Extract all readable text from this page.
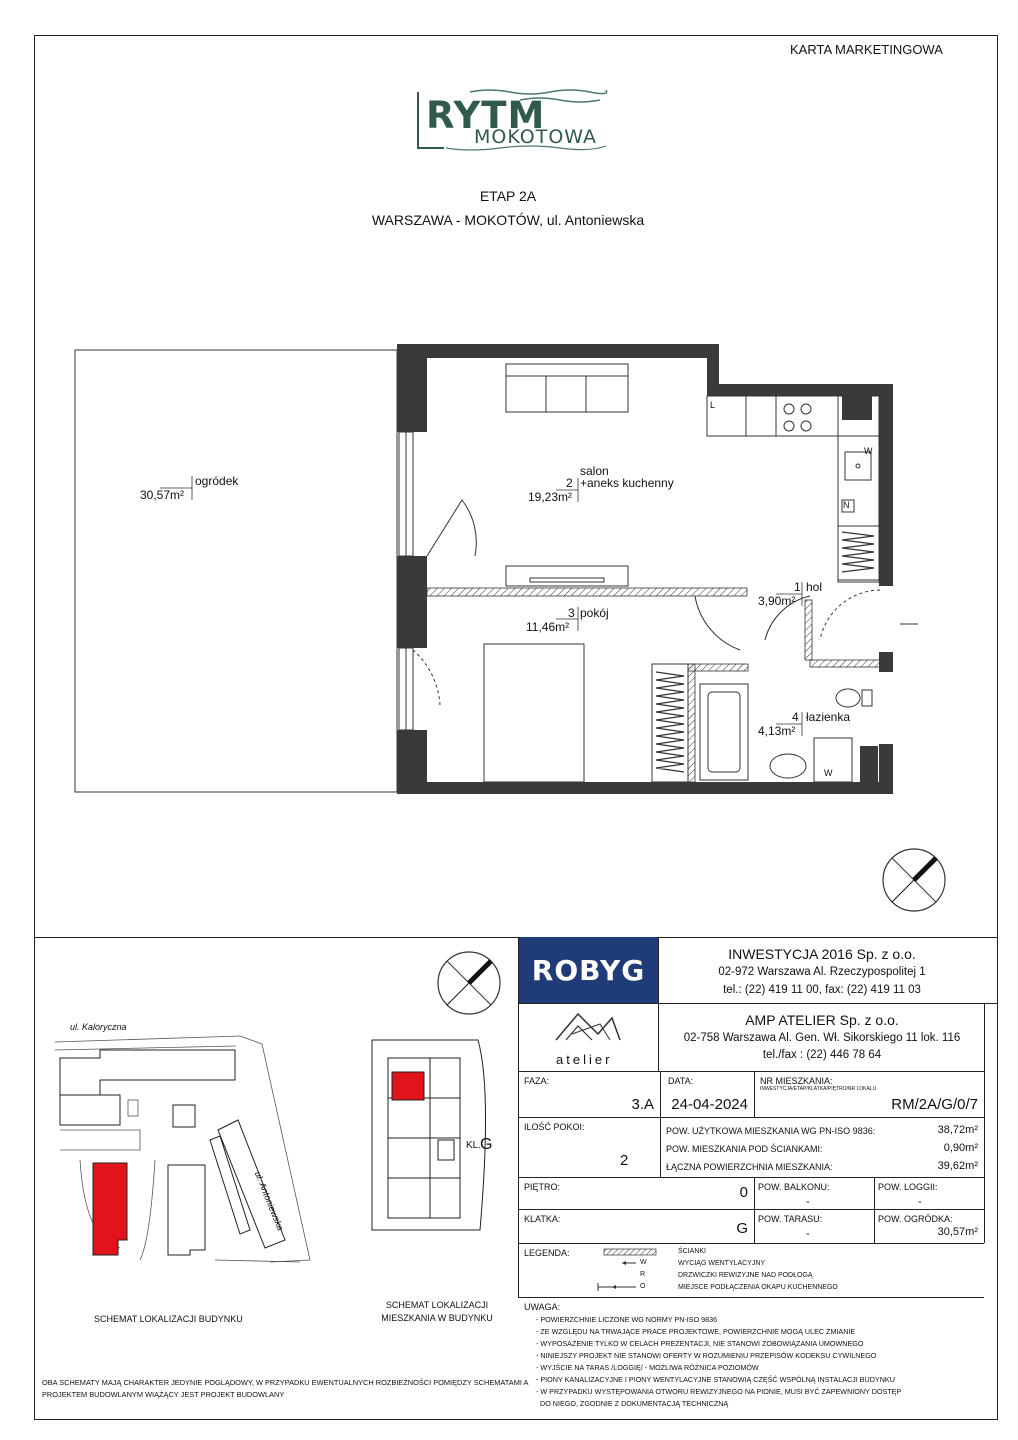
KARTA MARKETINGOWA
RYTM
MOKOTOWA
ETAP 2A
WARSZAWA - MOKOTÓW, ul. Antoniewska
ogródek
30,57m²
salon
2 +aneks kuchenny
19,23m²
1 hol
3,90m²
3 pokój
11,46m²
4 łazienka
4,13m²
L
W
N
W
ul. Kaloryczna
ul. Antoniewska
KL.
G
SCHEMAT LOKALIZACJI BUDYNKU
SCHEMAT LOKALIZACJI
MIESZKANIA W BUDYNKU
OBA SCHEMATY MAJĄ CHARAKTER JEDYNIE POGLĄDOWY, W PRZYPADKU EWENTUALNYCH ROZBIEŻNOŚCI POMIĘDZY SCHEMATAMI A
PROJEKTEM BUDOWLANYM WIĄŻĄCY JEST PROJEKT BUDOWLANY
ROBYG	INWESTYCJA 2016 Sp. z o.o.
02-972 Warszawa Al. Rzeczypospolitej 1
tel.: (22) 419 11 00, fax: (22) 419 11 03
atelier
AMP ATELIER Sp. z o.o.
02-758 Warszawa Al. Gen. Wł. Sikorskiego 11 lok. 116
tel./fax : (22) 446 78 64
FAZA:
3.A
DATA:
24-04-2024
NR MIESZKANIA:
INWESTYCJA/ETAP/KLATKA/PIĘTRO/NR LOKALU
RM/2A/G/0/7
ILOŚĆ POKOI:
2
POW. UŻYTKOWA MIESZKANIA WG PN-ISO 9836:	38,72m²
POW. MIESZKANIA POD ŚCIANKAMI:	0,90m²
ŁĄCZNA POWIERZCHNIA MIESZKANIA:	39,62m²
PIĘTRO:	0 POW. BALKONU:
-
POW. LOGGII:
-
KLATKA:
G
POW. TARASU:
-
POW. OGRÓDKA:
30,57m²
LEGENDA:
W
R
O
ŚCIANKI
WYCIĄG WENTYLACYJNY
DRZWICZKI REWIZYJNE NAD PODŁOGĄ
MIEJSCE PODŁĄCZENIA OKAPU KUCHENNEGO
UWAGA:
- POWIERZCHNIE LICZONE WG NORMY PN-ISO 9836
- ZE WZGLĘDU NA TRWAJĄCE PRACE PROJEKTOWE, POWIERZCHNIE MOGĄ ULEC ZMIANIE
- WYPOSAŻENIE TYLKO W CELACH PREZENTACJI, NIE STANOWI ZOBOWIĄZANIA UMOWNEGO
- NINIEJSZY PROJEKT NIE STANOWI OFERTY W ROZUMIENIU PRZEPISÓW KODEKSU CYWILNEGO
- WYJŚCIE NA TARAS /LOGGIĘ/ - MOŻLIWA RÓŻNICA POZIOMÓW
- PIONY KANALIZACYJNE I PIONY WENTYLACYJNE STANOWIĄ CZĘŚĆ WSPÓLNĄ INSTALACJI BUDYNKU
- W PRZYPADKU WYSTĘPOWANIA OTWORU REWIZYJNEGO NA PIONIE, MUSI BYĆ ZAPEWNIONY DOSTĘP
DO NIEGO, ZGODNIE Z DOKUMENTACJĄ TECHNICZNĄ
